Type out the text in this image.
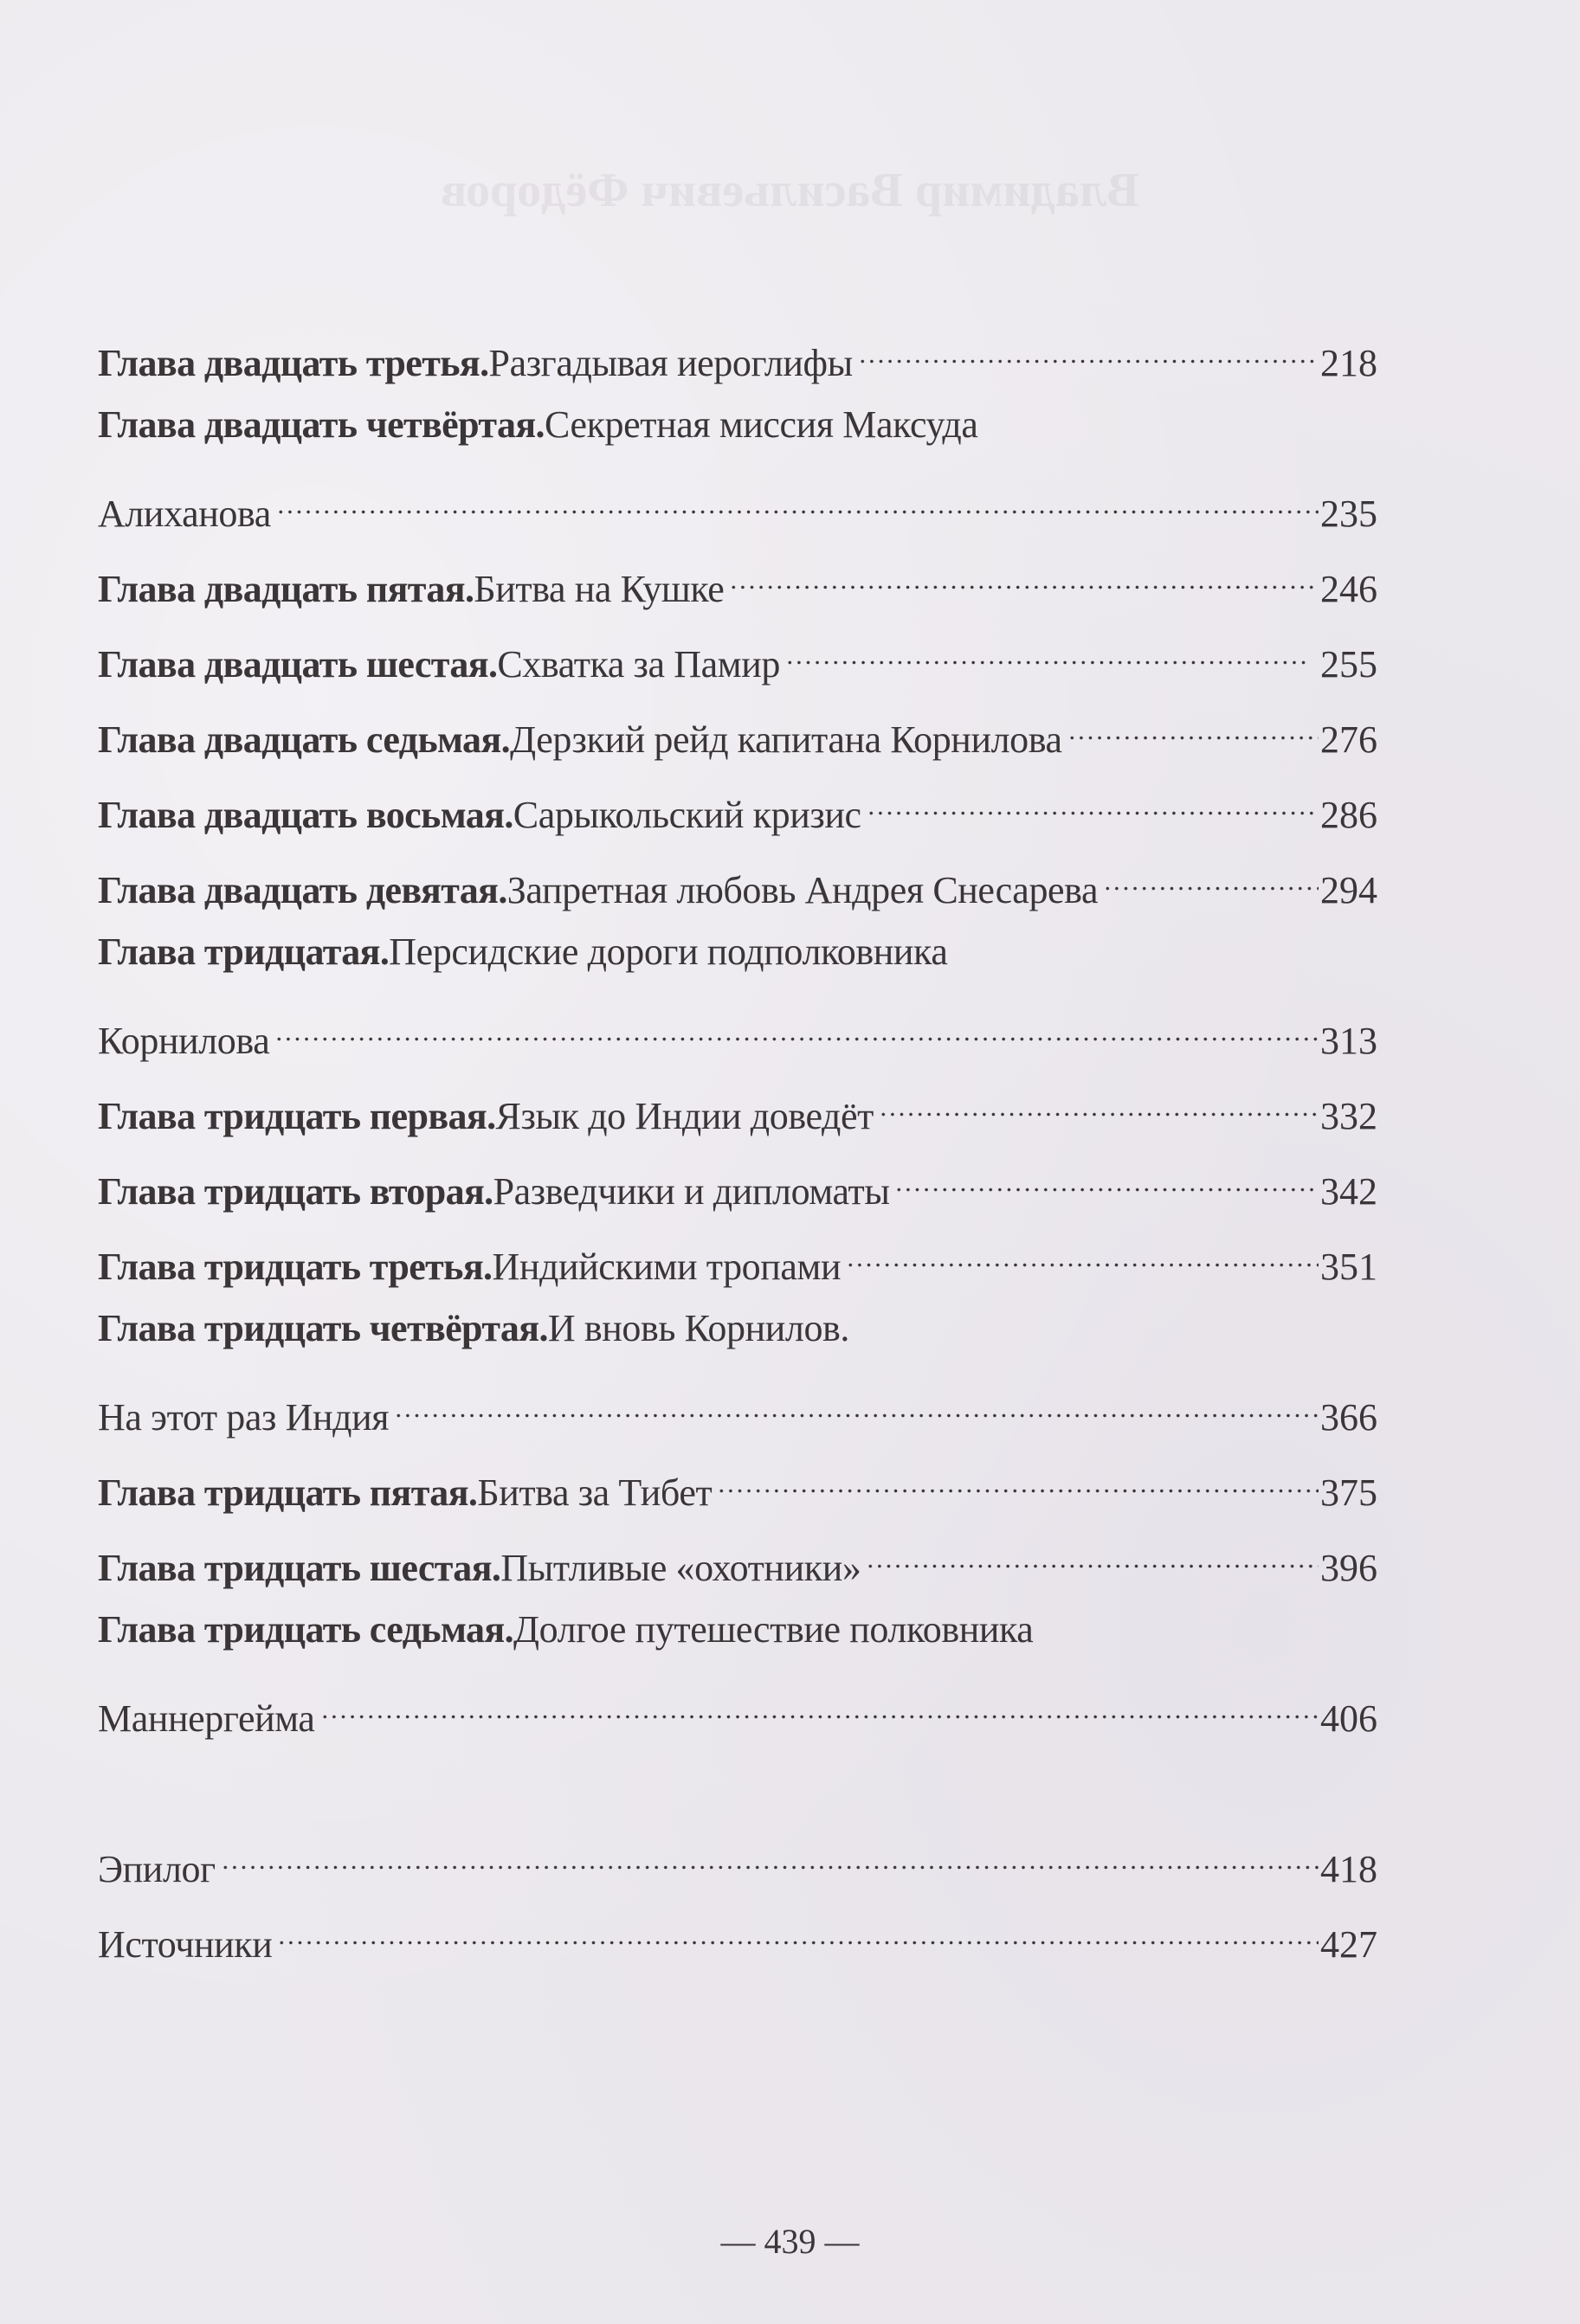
Глава двадцать третья. Разгадывая иероглифы	218
Глава двадцать четвёртая. Секретная миссия Максуда
Алиханова	235
Глава двадцать пятая. Битва на Кушке	246
Глава двадцать шестая. Схватка за Памир	255
Глава двадцать седьмая. Дерзкий рейд капитана Корнилова	276
Глава двадцать восьмая. Сарыкольский кризис	286
Глава двадцать девятая. Запретная любовь Андрея Снесарева	294
Глава тридцатая. Персидские дороги подполковника
Корнилова	313
Глава тридцать первая. Язык до Индии доведёт	332
Глава тридцать вторая. Разведчики и дипломаты	342
Глава тридцать третья. Индийскими тропами	351
Глава тридцать четвёртая. И вновь Корнилов.
На этот раз Индия	366
Глава тридцать пятая. Битва за Тибет	375
Глава тридцать шестая. Пытливые «охотники»	396
Глава тридцать седьмая. Долгое путешествие полковника
Маннергейма	406
Эпилог	418
Источники	427
— 439 —
